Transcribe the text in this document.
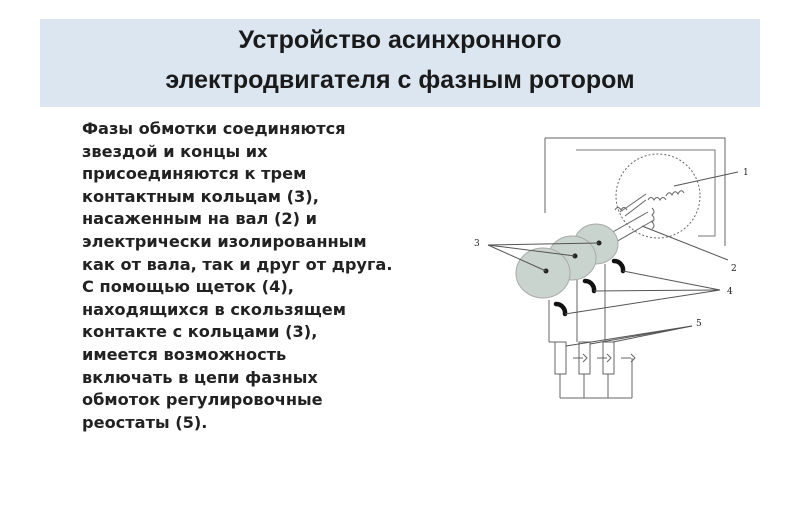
Устройство асинхронного
электродвигателя с фазным ротором
Фазы обмотки соединяются
звездой и концы их
присоединяются к трем
контактным кольцам (3),
насаженным на вал (2) и
электрически изолированным
как от вала, так и друг от друга.
С помощью щеток (4),
находящихся в скользящем
контакте с кольцами (3),
имеется возможность
включать в цепи фазных
обмоток регулировочные
реостаты (5).
1
2
3
4
5
